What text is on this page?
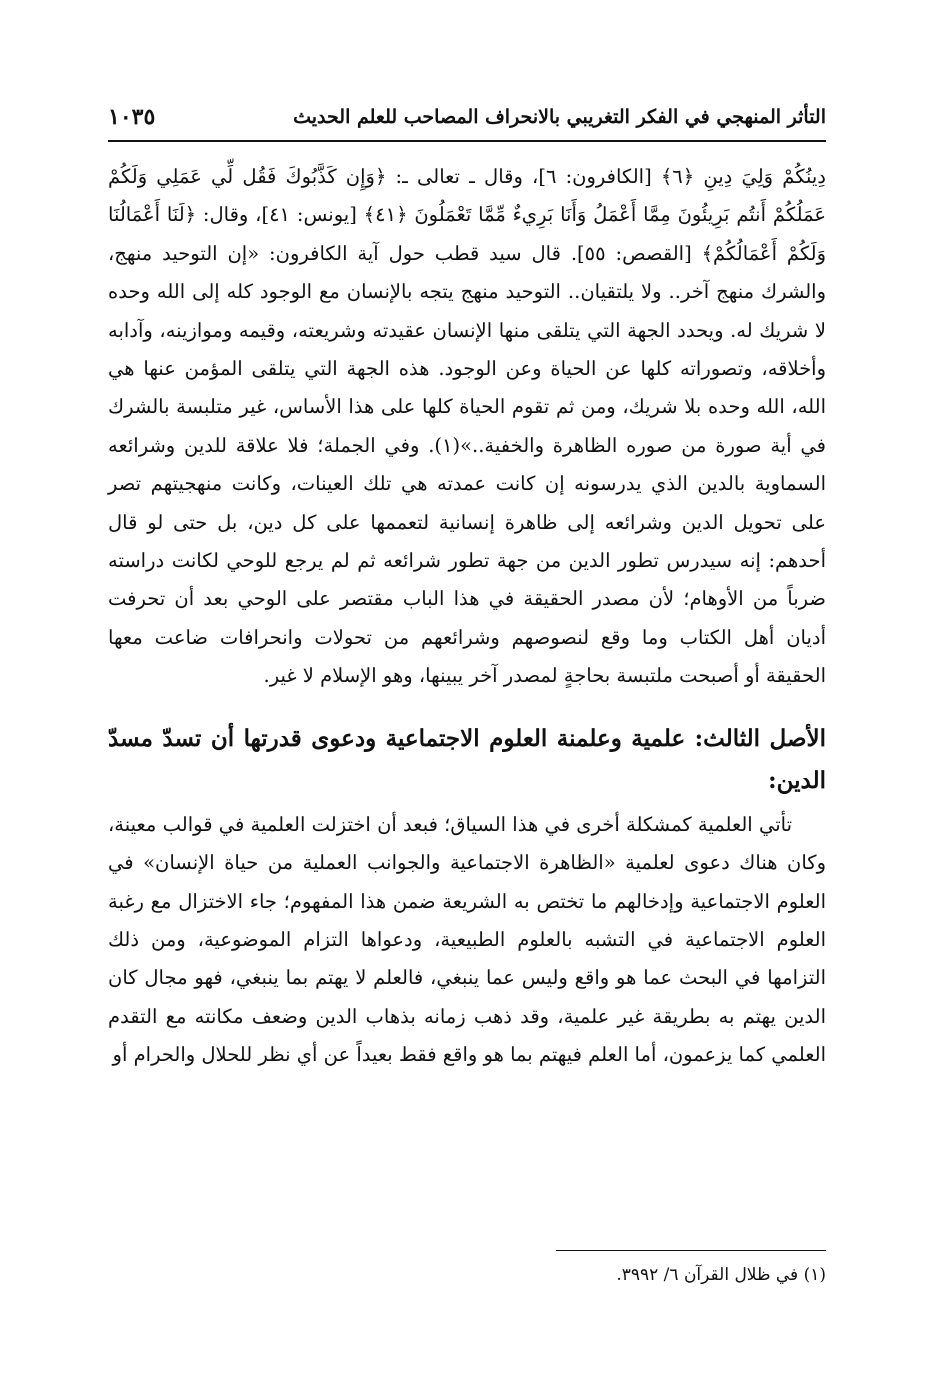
التأثر المنهجي في الفكر التغريبي بالانحراف المصاحب للعلم الحديث
١٠٣٥

دِينُكُمْ وَلِيَ دِينِ ﴿٦﴾ [الكافرون: ٦]، وقال ـ تعالى ـ: ﴿وَإِن كَذَّبُوكَ فَقُل لِّي عَمَلِي وَلَكُمْ عَمَلُكُمْ أَنتُم بَرِيئُونَ مِمَّا أَعْمَلُ وَأَنَا بَرِيءٌ مِّمَّا تَعْمَلُونَ ﴿٤١﴾ [يونس: ٤١]، وقال: ﴿لَنَا أَعْمَالُنَا وَلَكُمْ أَعْمَالُكُمْ﴾ [القصص: ٥٥]. قال سيد قطب حول آية الكافرون: «إن التوحيد منهج، والشرك منهج آخر.. ولا يلتقيان.. التوحيد منهج يتجه بالإنسان مع الوجود كله إلى الله وحده لا شريك له. ويحدد الجهة التي يتلقى منها الإنسان عقيدته وشريعته، وقيمه وموازينه، وآدابه وأخلاقه، وتصوراته كلها عن الحياة وعن الوجود. هذه الجهة التي يتلقى المؤمن عنها هي الله، الله وحده بلا شريك، ومن ثم تقوم الحياة كلها على هذا الأساس، غير متلبسة بالشرك في أية صورة من صوره الظاهرة والخفية..»(١). وفي الجملة؛ فلا علاقة للدين وشرائعه السماوية بالدين الذي يدرسونه إن كانت عمدته هي تلك العينات، وكانت منهجيتهم تصر على تحويل الدين وشرائعه إلى ظاهرة إنسانية لتعممها على كل دين، بل حتى لو قال أحدهم: إنه سيدرس تطور الدين من جهة تطور شرائعه ثم لم يرجع للوحي لكانت دراسته ضرباً من الأوهام؛ لأن مصدر الحقيقة في هذا الباب مقتصر على الوحي بعد أن تحرفت أديان أهل الكتاب وما وقع لنصوصهم وشرائعهم من تحولات وانحرافات ضاعت معها الحقيقة أو أصبحت ملتبسة بحاجةٍ لمصدر آخر يبينها، وهو الإسلام لا غير.

الأصل الثالث: علمية وعلمنة العلوم الاجتماعية ودعوى قدرتها أن تسدّ مسدّ الدين:

تأتي العلمية كمشكلة أخرى في هذا السياق؛ فبعد أن اختزلت العلمية في قوالب معينة، وكان هناك دعوى لعلمية «الظاهرة الاجتماعية والجوانب العملية من حياة الإنسان» في العلوم الاجتماعية وإدخالهم ما تختص به الشريعة ضمن هذا المفهوم؛ جاء الاختزال مع رغبة العلوم الاجتماعية في التشبه بالعلوم الطبيعية، ودعواها التزام الموضوعية، ومن ذلك التزامها في البحث عما هو واقع وليس عما ينبغي، فالعلم لا يهتم بما ينبغي، فهو مجال كان الدين يهتم به بطريقة غير علمية، وقد ذهب زمانه بذهاب الدين وضعف مكانته مع التقدم العلمي كما يزعمون، أما العلم فيهتم بما هو واقع فقط بعيداً عن أي نظر للحلال والحرام أو

(١) في ظلال القرآن ٦/ ٣٩٩٢.
